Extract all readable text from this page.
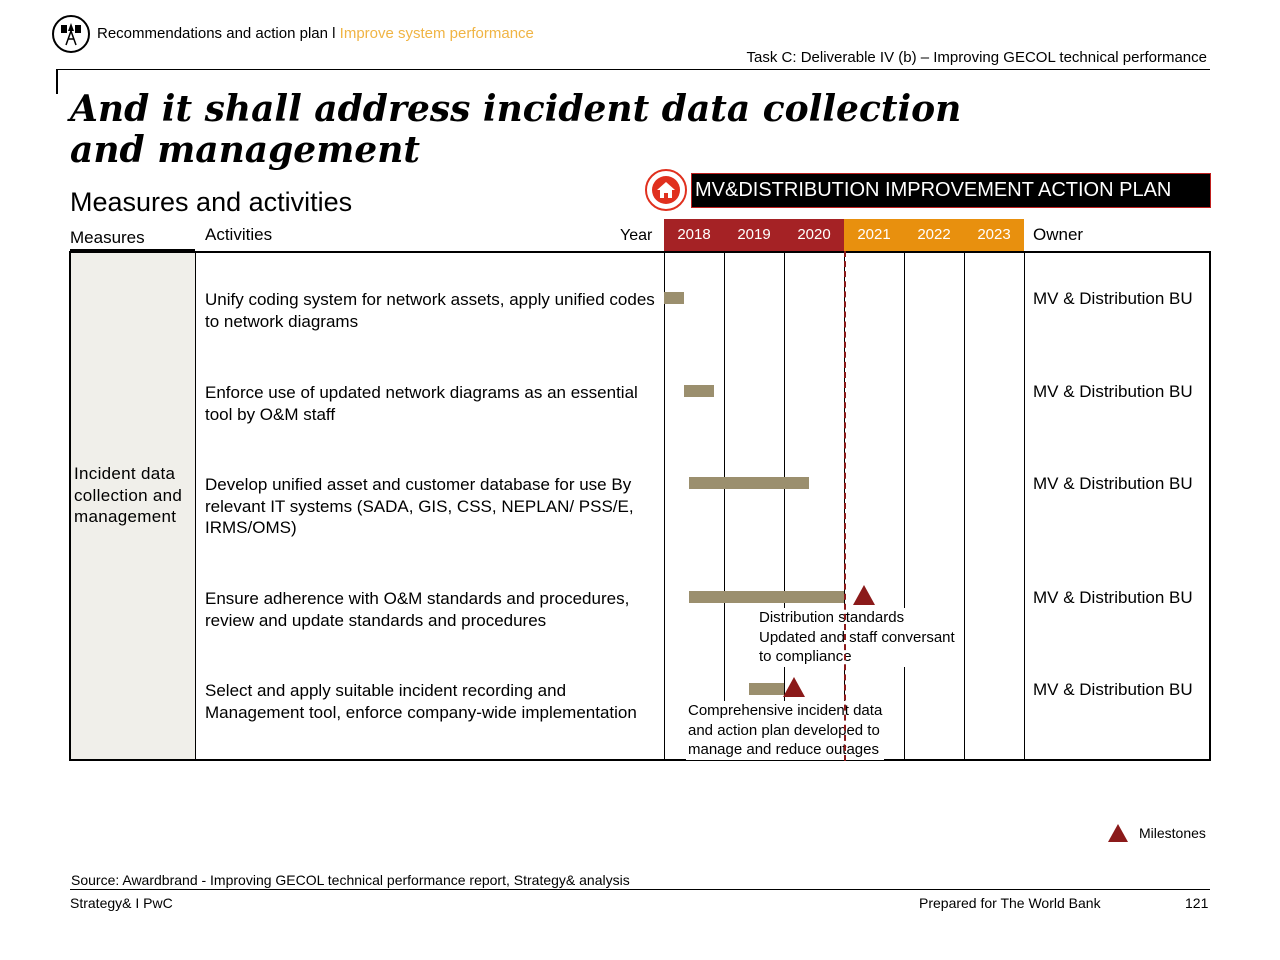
Recommendations and action plan l Improve system performance
Task C: Deliverable IV (b) – Improving GECOL technical performance
And it shall address incident data collection and management
Measures and activities	MV&DISTRIBUTION IMPROVEMENT ACTION PLAN
Measures	Activities	Year	2018	2019	2020	2021	2022	2023	Owner
Incident data collection and management
Unify coding system for network assets, apply unified codes to network diagrams
MV & Distribution BU
Enforce use of updated network diagrams as an essential tool by O&M staff
MV & Distribution BU
Develop unified asset and customer database for use By relevant IT systems (SADA, GIS, CSS, NEPLAN/ PSS/E, IRMS/OMS)
MV & Distribution BU
Ensure adherence with O&M standards and procedures, review and update standards and procedures
MV & Distribution BU
Select and apply suitable incident recording and Management tool, enforce company-wide implementation
MV & Distribution BU
Distribution standards
Updated and staff conversant
to compliance
Comprehensive incident data
and action plan developed to
manage and reduce outages
Milestones
Source: Awardbrand - Improving GECOL technical performance report, Strategy& analysis
Strategy& I PwC	Prepared for The World Bank	121
